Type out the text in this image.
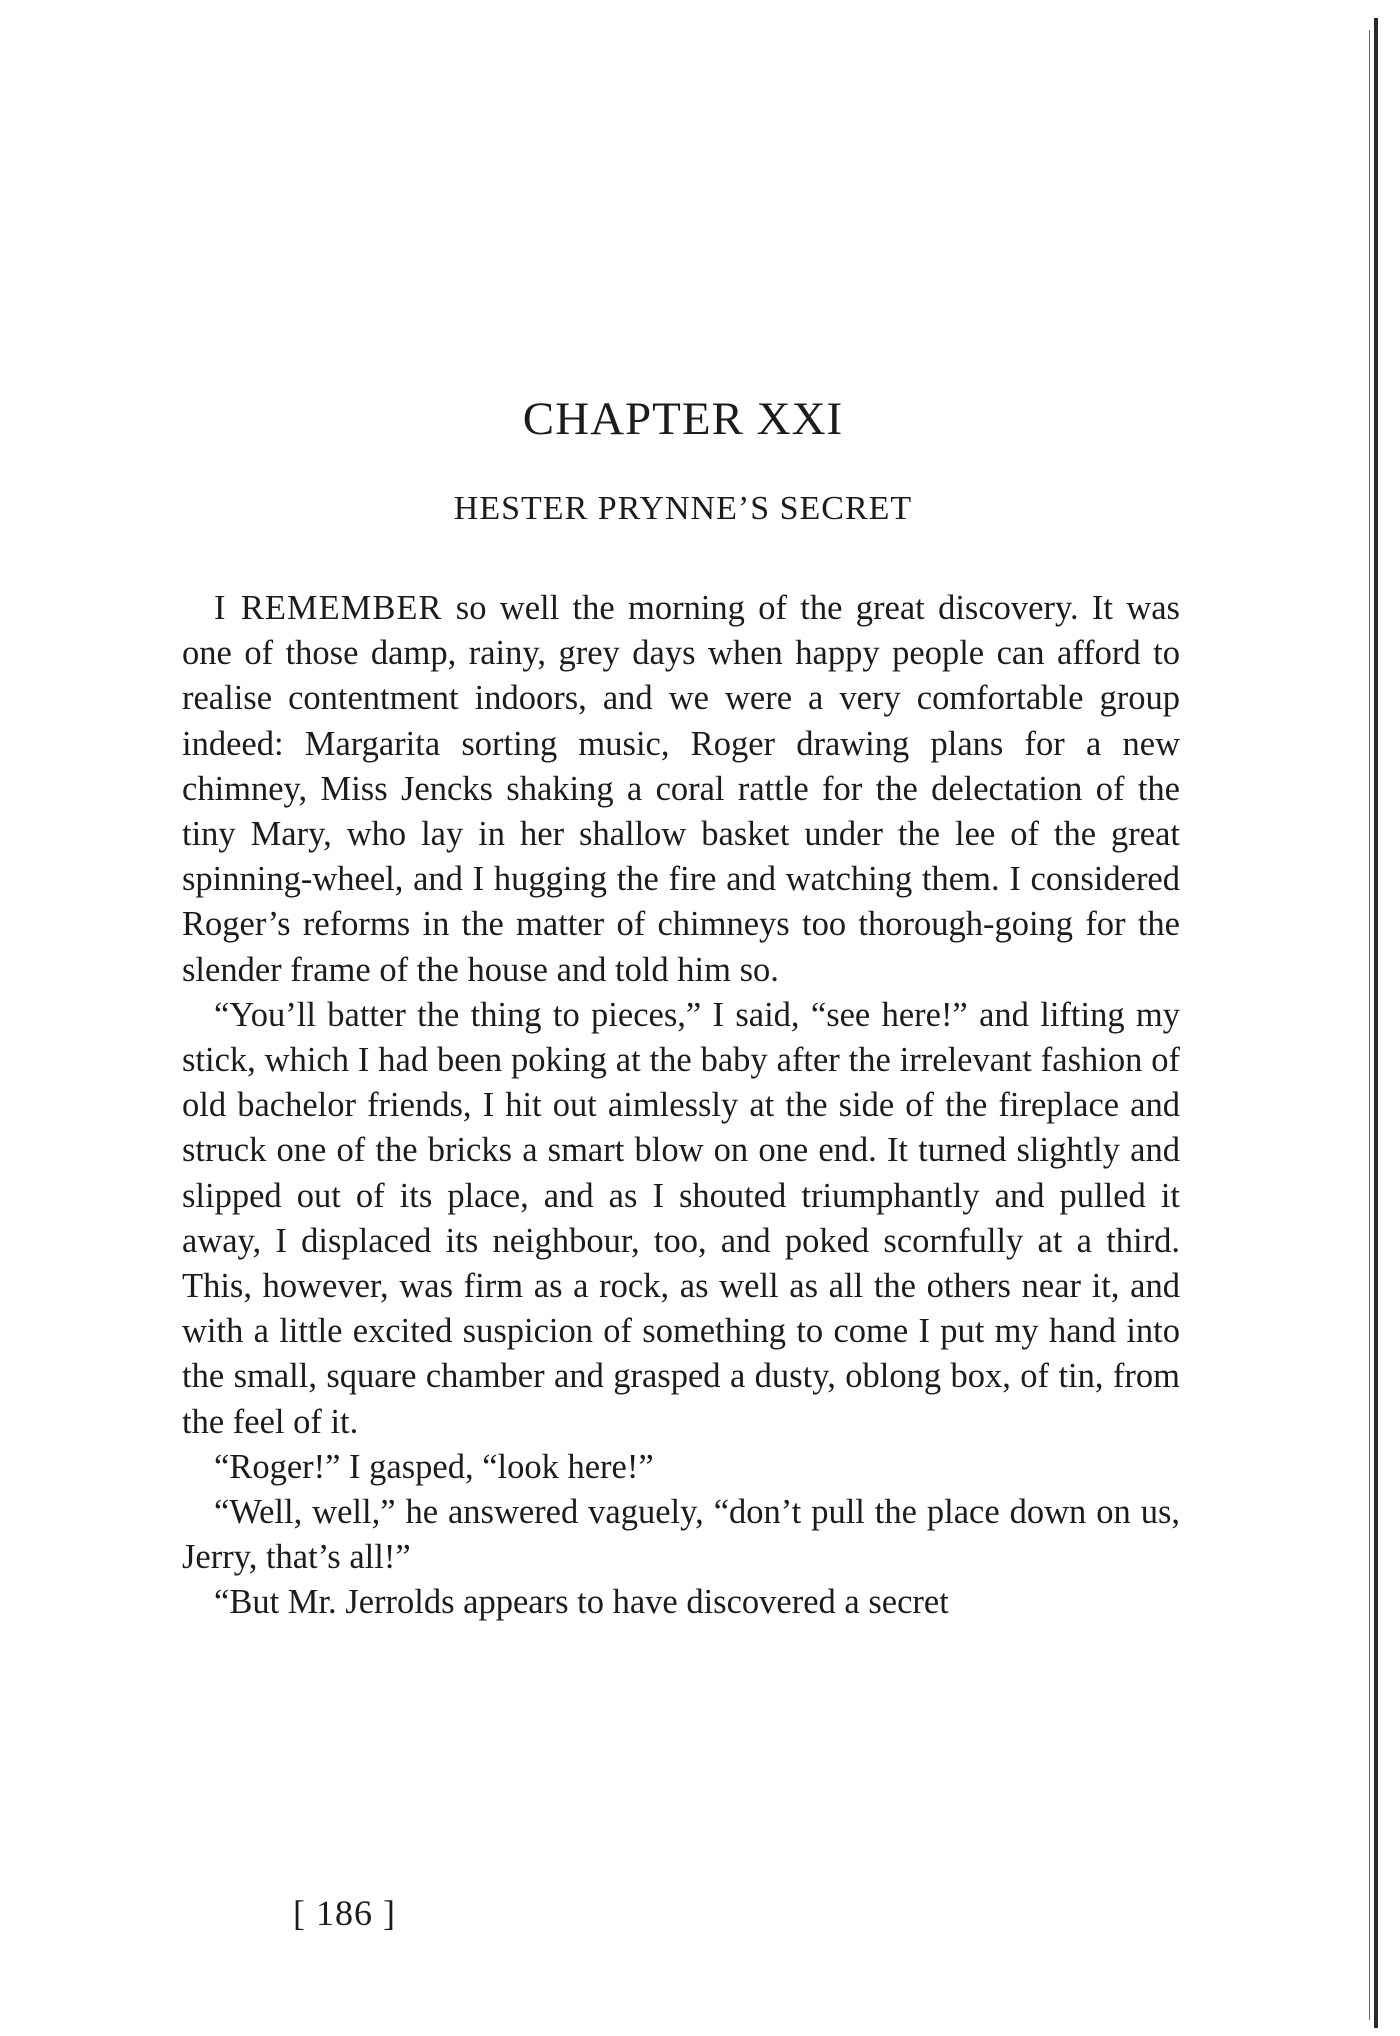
CHAPTER XXI
HESTER PRYNNE’S SECRET

I REMEMBER so well the morning of the great discovery. It was one of those damp, rainy, grey days when happy people can afford to realise contentment indoors, and we were a very comfortable group indeed: Margarita sorting music, Roger drawing plans for a new chimney, Miss Jencks shaking a coral rattle for the delectation of the tiny Mary, who lay in her shallow basket under the lee of the great spinning-wheel, and I hugging the fire and watching them. I considered Roger’s reforms in the matter of chimneys too thorough-going for the slender frame of the house and told him so.

“You’ll batter the thing to pieces,” I said, “see here!” and lifting my stick, which I had been poking at the baby after the irrelevant fashion of old bachelor friends, I hit out aimlessly at the side of the fireplace and struck one of the bricks a smart blow on one end. It turned slightly and slipped out of its place, and as I shouted triumphantly and pulled it away, I displaced its neighbour, too, and poked scornfully at a third. This, however, was firm as a rock, as well as all the others near it, and with a little excited suspicion of something to come I put my hand into the small, square chamber and grasped a dusty, oblong box, of tin, from the feel of it.

“Roger!” I gasped, “look here!”

“Well, well,” he answered vaguely, “don’t pull the place down on us, Jerry, that’s all!”

“But Mr. Jerrolds appears to have discovered a secret

[ 186 ]
